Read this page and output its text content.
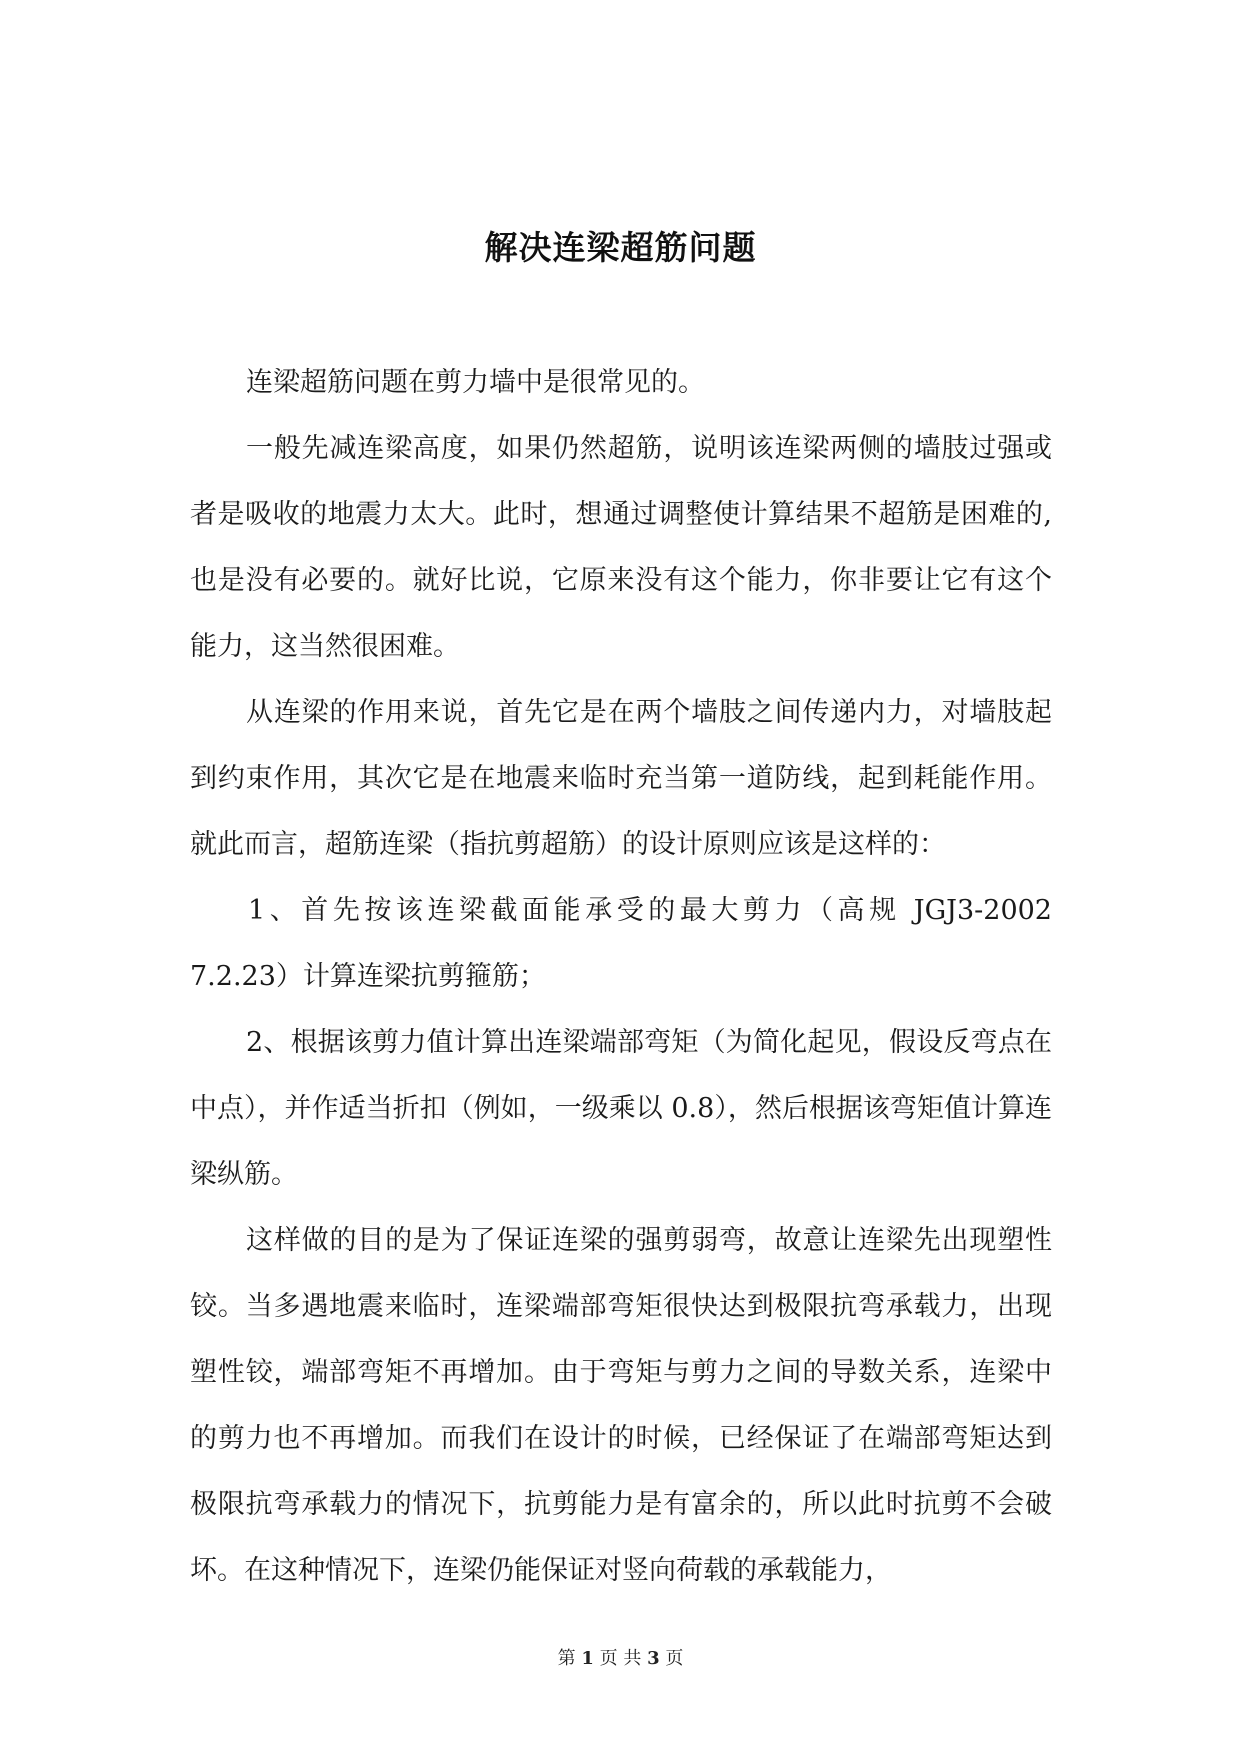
解决连梁超筋问题

连梁超筋问题在剪力墙中是很常见的。

一般先减连梁高度，如果仍然超筋，说明该连梁两侧的墙肢过强或者是吸收的地震力太大。此时，想通过调整使计算结果不超筋是困难的,也是没有必要的。就好比说，它原来没有这个能力，你非要让它有这个能力，这当然很困难。

从连梁的作用来说，首先它是在两个墙肢之间传递内力，对墙肢起到约束作用，其次它是在地震来临时充当第一道防线，起到耗能作用。就此而言，超筋连梁（指抗剪超筋）的设计原则应该是这样的：

1、首先按该连梁截面能承受的最大剪力（高规 JGJ3-2002 7.2.23）计算连梁抗剪箍筋；

2、根据该剪力值计算出连梁端部弯矩（为简化起见，假设反弯点在中点），并作适当折扣（例如，一级乘以 0.8），然后根据该弯矩值计算连梁纵筋。

这样做的目的是为了保证连梁的强剪弱弯，故意让连梁先出现塑性铰。当多遇地震来临时，连梁端部弯矩很快达到极限抗弯承载力，出现塑性铰，端部弯矩不再增加。由于弯矩与剪力之间的导数关系，连梁中的剪力也不再增加。而我们在设计的时候，已经保证了在端部弯矩达到极限抗弯承载力的情况下，抗剪能力是有富余的，所以此时抗剪不会破坏。在这种情况下，连梁仍能保证对竖向荷载的承载能力，

第 1 页 共 3 页
